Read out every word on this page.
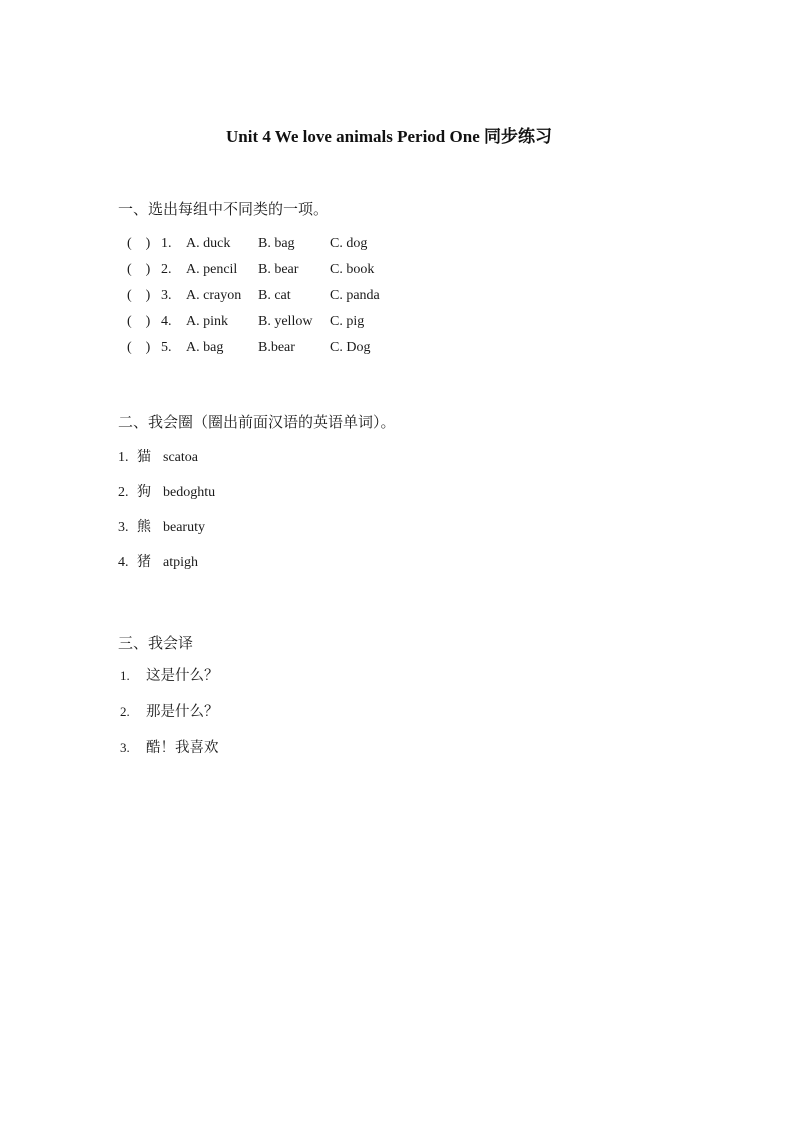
Unit 4 We love animals Period One 同步练习
一、选出每组中不同类的一项。
(　) 1.	A. duck	B. bag	C. dog
(　) 2.	A. pencil	B. bear	C. book
(　) 3.	A. crayon	B. cat	C. panda
(　) 4.	A. pink	B. yellow	C. pig
(　) 5.	A. bag	B.bear	C. Dog
二、我会圈（圈出前面汉语的英语单词）。
1. 猫 scatoa
2. 狗 bedoghtu
3. 熊 bearuty
4. 猪 atpigh
三、我会译
1.	这是什么？
2.	那是什么？
3.	酷！我喜欢
